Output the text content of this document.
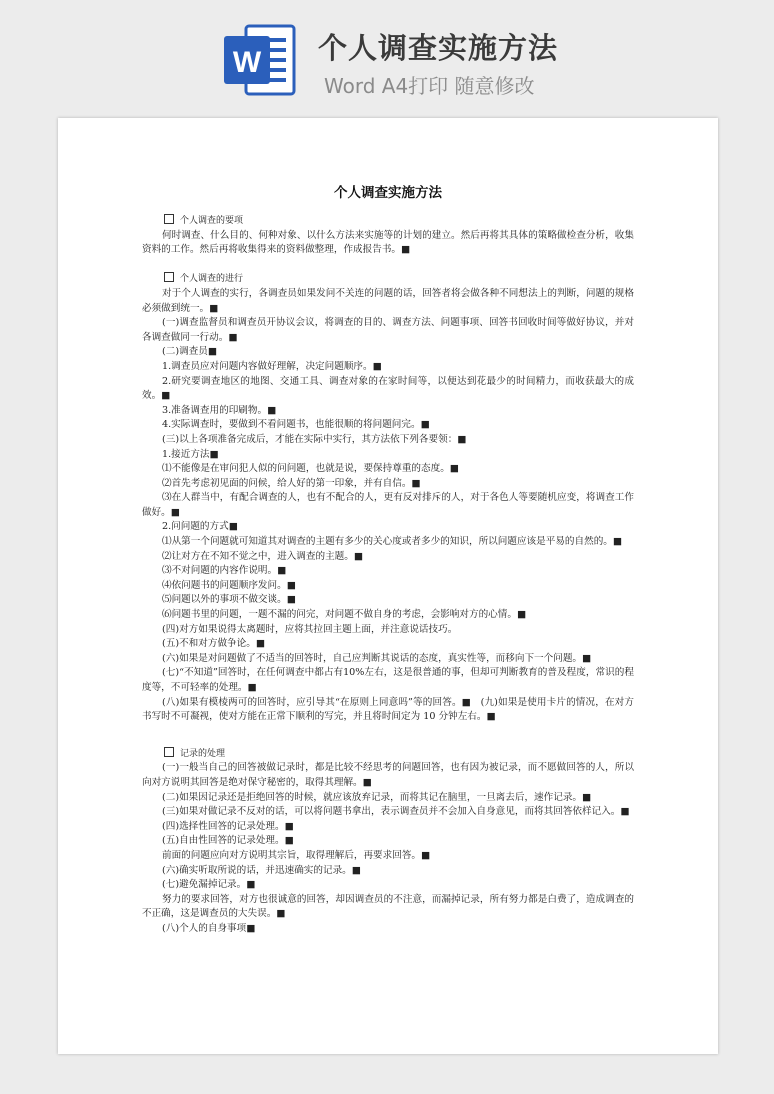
W 个人调查实施方法
Word A4打印 随意修改
个人调查实施方法
个人调查的要项

何时调查、什么目的、何种对象、以什么方法来实施等的计划的建立。然后再将其具体的策略做检查分析，收集资料的工作。然后再将收集得来的资料做整理，作成报告书。■

个人调查的进行

对于个人调查的实行，各调查员如果发问不关连的问题的话，回答者将会做各种不同想法上的判断，问题的规格必须做到统一。■

(一)调查监督员和调查员开协议会议，将调查的目的、调查方法、问题事项、回答书回收时间等做好协议，并对各调查做同一行动。■

(二)调查员■

1.调查员应对问题内容做好理解，决定问题顺序。■

2.研究要调查地区的地图、交通工具、调查对象的在家时间等，以便达到花最少的时间精力，而收获最大的成效。■

3.准备调查用的印刷物。■

4.实际调查时，要做到不看问题书，也能很顺的将问题问完。■

(三)以上各项准备完成后，才能在实际中实行，其方法依下列各要领：■

1.接近方法■

⑴不能像是在审问犯人似的问问题，也就是说，要保持尊重的态度。■

⑵首先考虑初见面的问候，给人好的第一印象，并有自信。■

⑶在人群当中，有配合调查的人，也有不配合的人，更有反对排斥的人，对于各色人等要随机应变，将调查工作做好。■

2.问问题的方式■

⑴从第一个问题就可知道其对调查的主题有多少的关心度或者多少的知识，所以问题应该是平易的自然的。■

⑵让对方在不知不觉之中，进入调查的主题。■

⑶不对问题的内容作说明。■

⑷依问题书的问题顺序发问。■

⑸问题以外的事项不做交谈。■

⑹问题书里的问题，一题不漏的问完，对问题不做自身的考虑，会影响对方的心情。■

(四)对方如果说得太离题时，应将其拉回主题上面，并注意说话技巧。

(五)不和对方做争论。■

(六)如果是对问题做了不适当的回答时，自己应判断其说话的态度，真实性等，而移向下一个问题。■

(七)“不知道”回答时，在任何调查中都占有10%左右，这是很普通的事，但却可判断教育的普及程度，常识的程度等，不可轻率的处理。■

(八)如果有模棱两可的回答时，应引导其“在原则上同意吗”等的回答。■　(九)如果是使用卡片的情况，在对方书写时不可凝视，使对方能在正常下顺利的写完，并且将时间定为 10 分钟左右。■

记录的处理

(一)一般当自己的回答被做记录时，都是比较不经思考的问题回答，也有因为被记录，而不愿做回答的人，所以向对方说明其回答是绝对保守秘密的，取得其理解。■

(二)如果因记录还是拒绝回答的时候，就应该放弃记录，而将其记在脑里，一旦离去后，速作记录。■

(三)如果对做记录不反对的话，可以将问题书拿出，表示调查员并不会加入自身意见，而将其回答依样记入。■

(四)选择性回答的记录处理。■

(五)自由性回答的记录处理。■

前面的问题应向对方说明其宗旨，取得理解后，再要求回答。■

(六)确实听取所说的话，并迅速确实的记录。■

(七)避免漏掉记录。■

努力的要求回答，对方也很诚意的回答，却因调查员的不注意，而漏掉记录，所有努力都是白费了，造成调查的不正确，这是调查员的大失误。■

(八)个人的自身事项■
